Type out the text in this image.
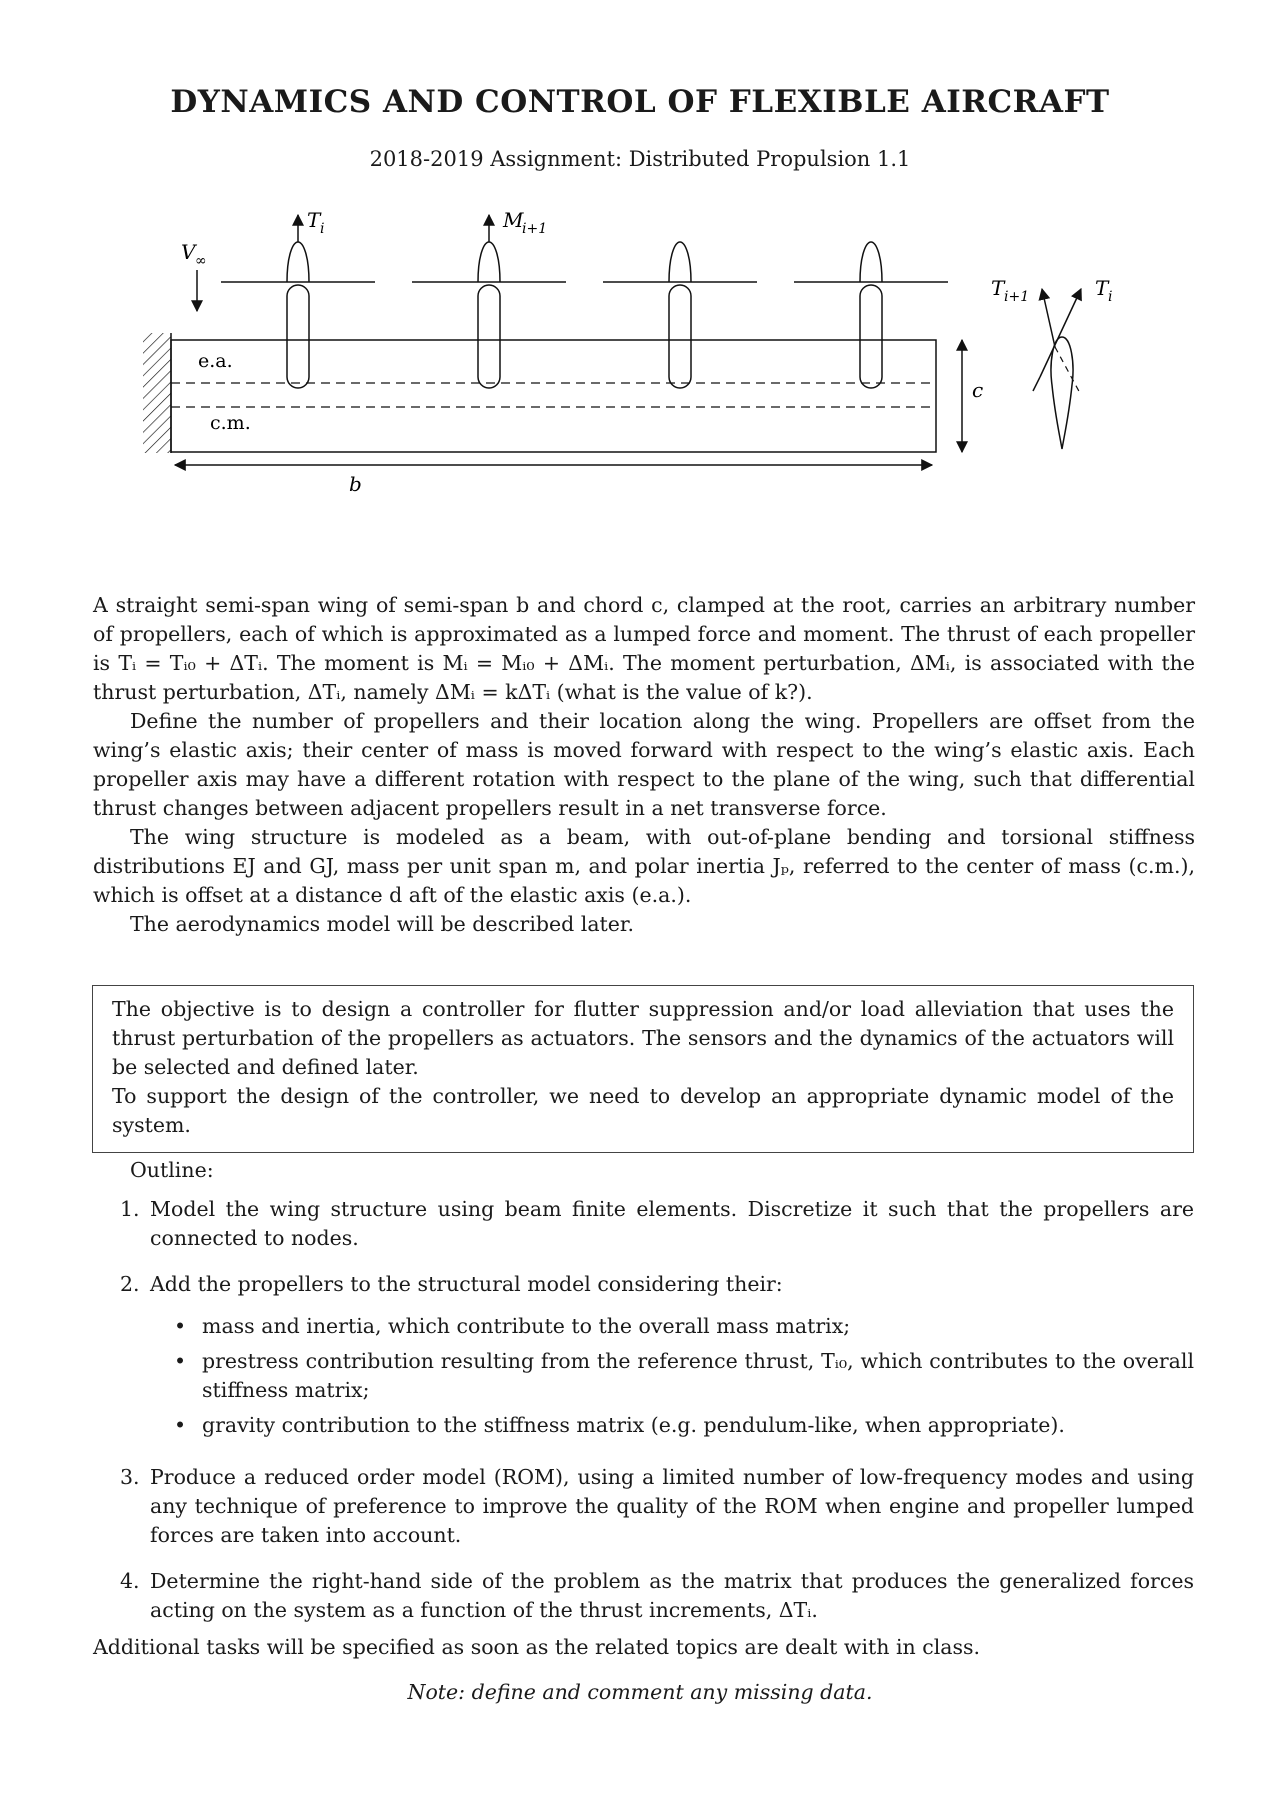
DYNAMICS AND CONTROL OF FLEXIBLE AIRCRAFT
2018-2019 Assignment: Distributed Propulsion 1.1
e.a.
c.m.
V ∞
T i	M
i+1
b
c
T i+1	T i

A straight semi-span wing of semi-span b and chord c, clamped at the root, carries an arbitrary number of propellers, each of which is approximated as a lumped force and moment. The thrust of each propeller is Tᵢ = Tᵢ₀ + ΔTᵢ. The moment is Mᵢ = Mᵢ₀ + ΔMᵢ. The moment perturbation, ΔMᵢ, is associated with the thrust perturbation, ΔTᵢ, namely ΔMᵢ = kΔTᵢ (what is the value of k?).

Define the number of propellers and their location along the wing. Propellers are offset from the wing’s elastic axis; their center of mass is moved forward with respect to the wing’s elastic axis. Each propeller axis may have a different rotation with respect to the plane of the wing, such that differential thrust changes between adjacent propellers result in a net transverse force.

The wing structure is modeled as a beam, with out-of-plane bending and torsional stiffness distributions EJ and GJ, mass per unit span m, and polar inertia Jₚ, referred to the center of mass (c.m.), which is offset at a distance d aft of the elastic axis (e.a.).

The aerodynamics model will be described later.

The objective is to design a controller for flutter suppression and/or load alleviation that uses the thrust perturbation of the propellers as actuators. The sensors and the dynamics of the actuators will be selected and defined later.

To support the design of the controller, we need to develop an appropriate dynamic model of the system.

Outline:
1. Model the wing structure using beam finite elements. Discretize it such that the propellers are connected to nodes.
2. Add the propellers to the structural model considering their:
• mass and inertia, which contribute to the overall mass matrix;
• prestress contribution resulting from the reference thrust, Tᵢ₀, which contributes to the overall stiffness matrix;
• gravity contribution to the stiffness matrix (e.g. pendulum-like, when appropriate).
3. Produce a reduced order model (ROM), using a limited number of low-frequency modes and using any technique of preference to improve the quality of the ROM when engine and propeller lumped forces are taken into account.
4. Determine the right-hand side of the problem as the matrix that produces the generalized forces acting on the system as a function of the thrust increments, ΔTᵢ.
Additional tasks will be specified as soon as the related topics are dealt with in class.
Note: define and comment any missing data.
